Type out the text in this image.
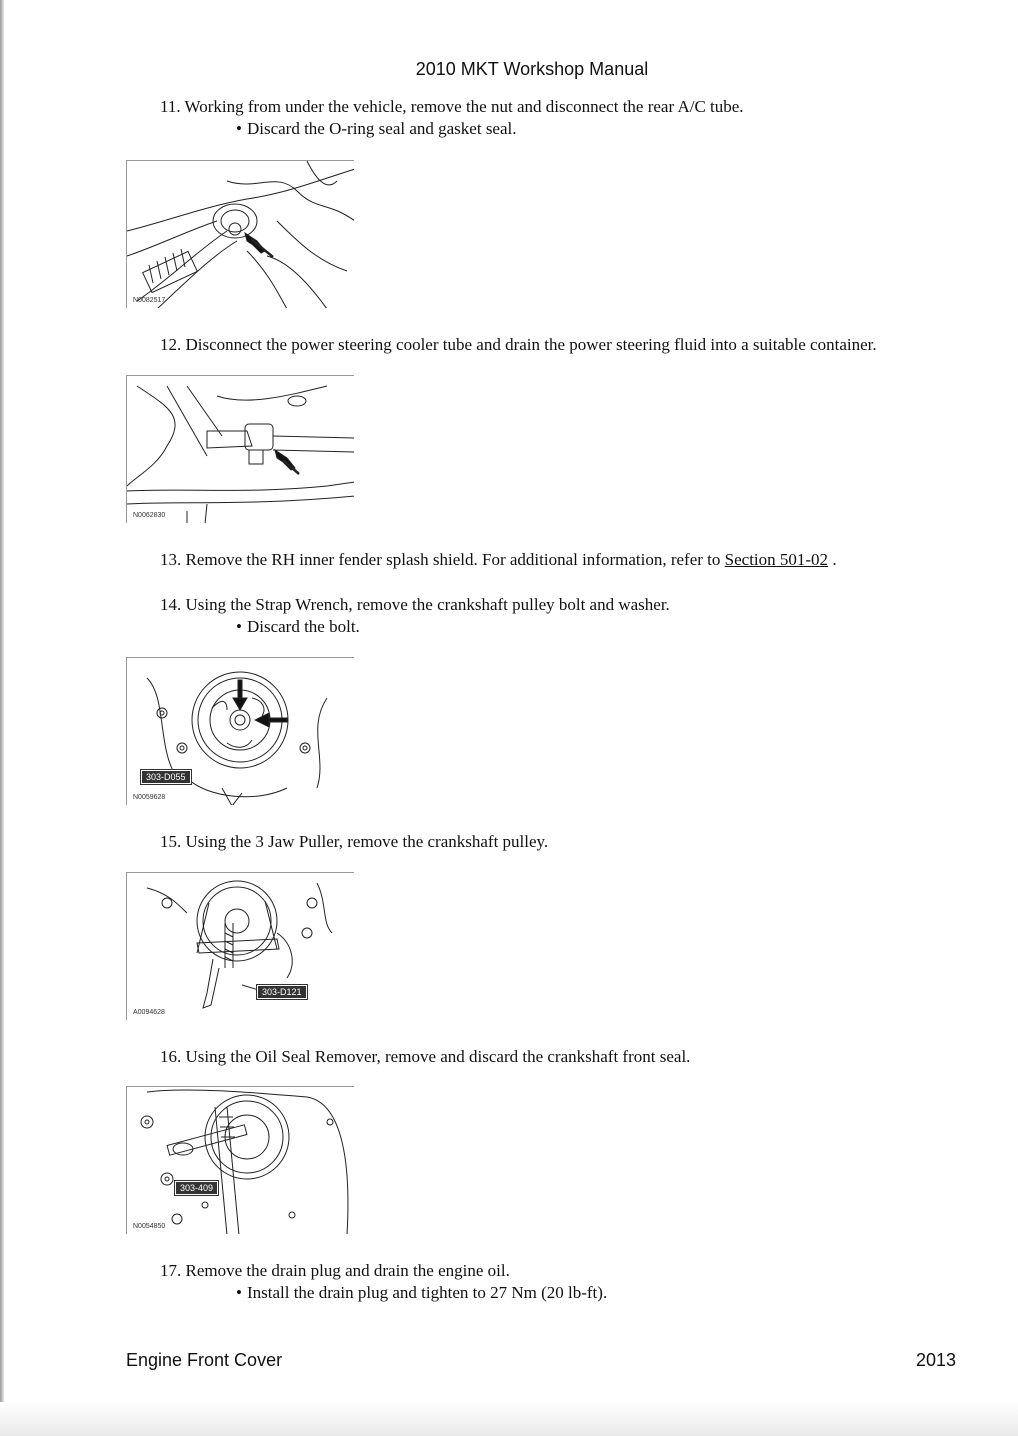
2010 MKT Workshop Manual
11. Working from under the vehicle, remove the nut and disconnect the rear A/C tube.
• Discard the O-ring seal and gasket seal.
N0082517
12. Disconnect the power steering cooler tube and drain the power steering fluid into a suitable container.
N0062830
13. Remove the RH inner fender splash shield. For additional information, refer to Section 501-02 .
14. Using the Strap Wrench, remove the crankshaft pulley bolt and washer.
• Discard the bolt.
303-D055
N0059628
15. Using the 3 Jaw Puller, remove the crankshaft pulley.
303-D121
A0094628
16. Using the Oil Seal Remover, remove and discard the crankshaft front seal.
303-409
N0054850
17. Remove the drain plug and drain the engine oil.
• Install the drain plug and tighten to 27 Nm (20 lb-ft).
Engine Front Cover	2013
